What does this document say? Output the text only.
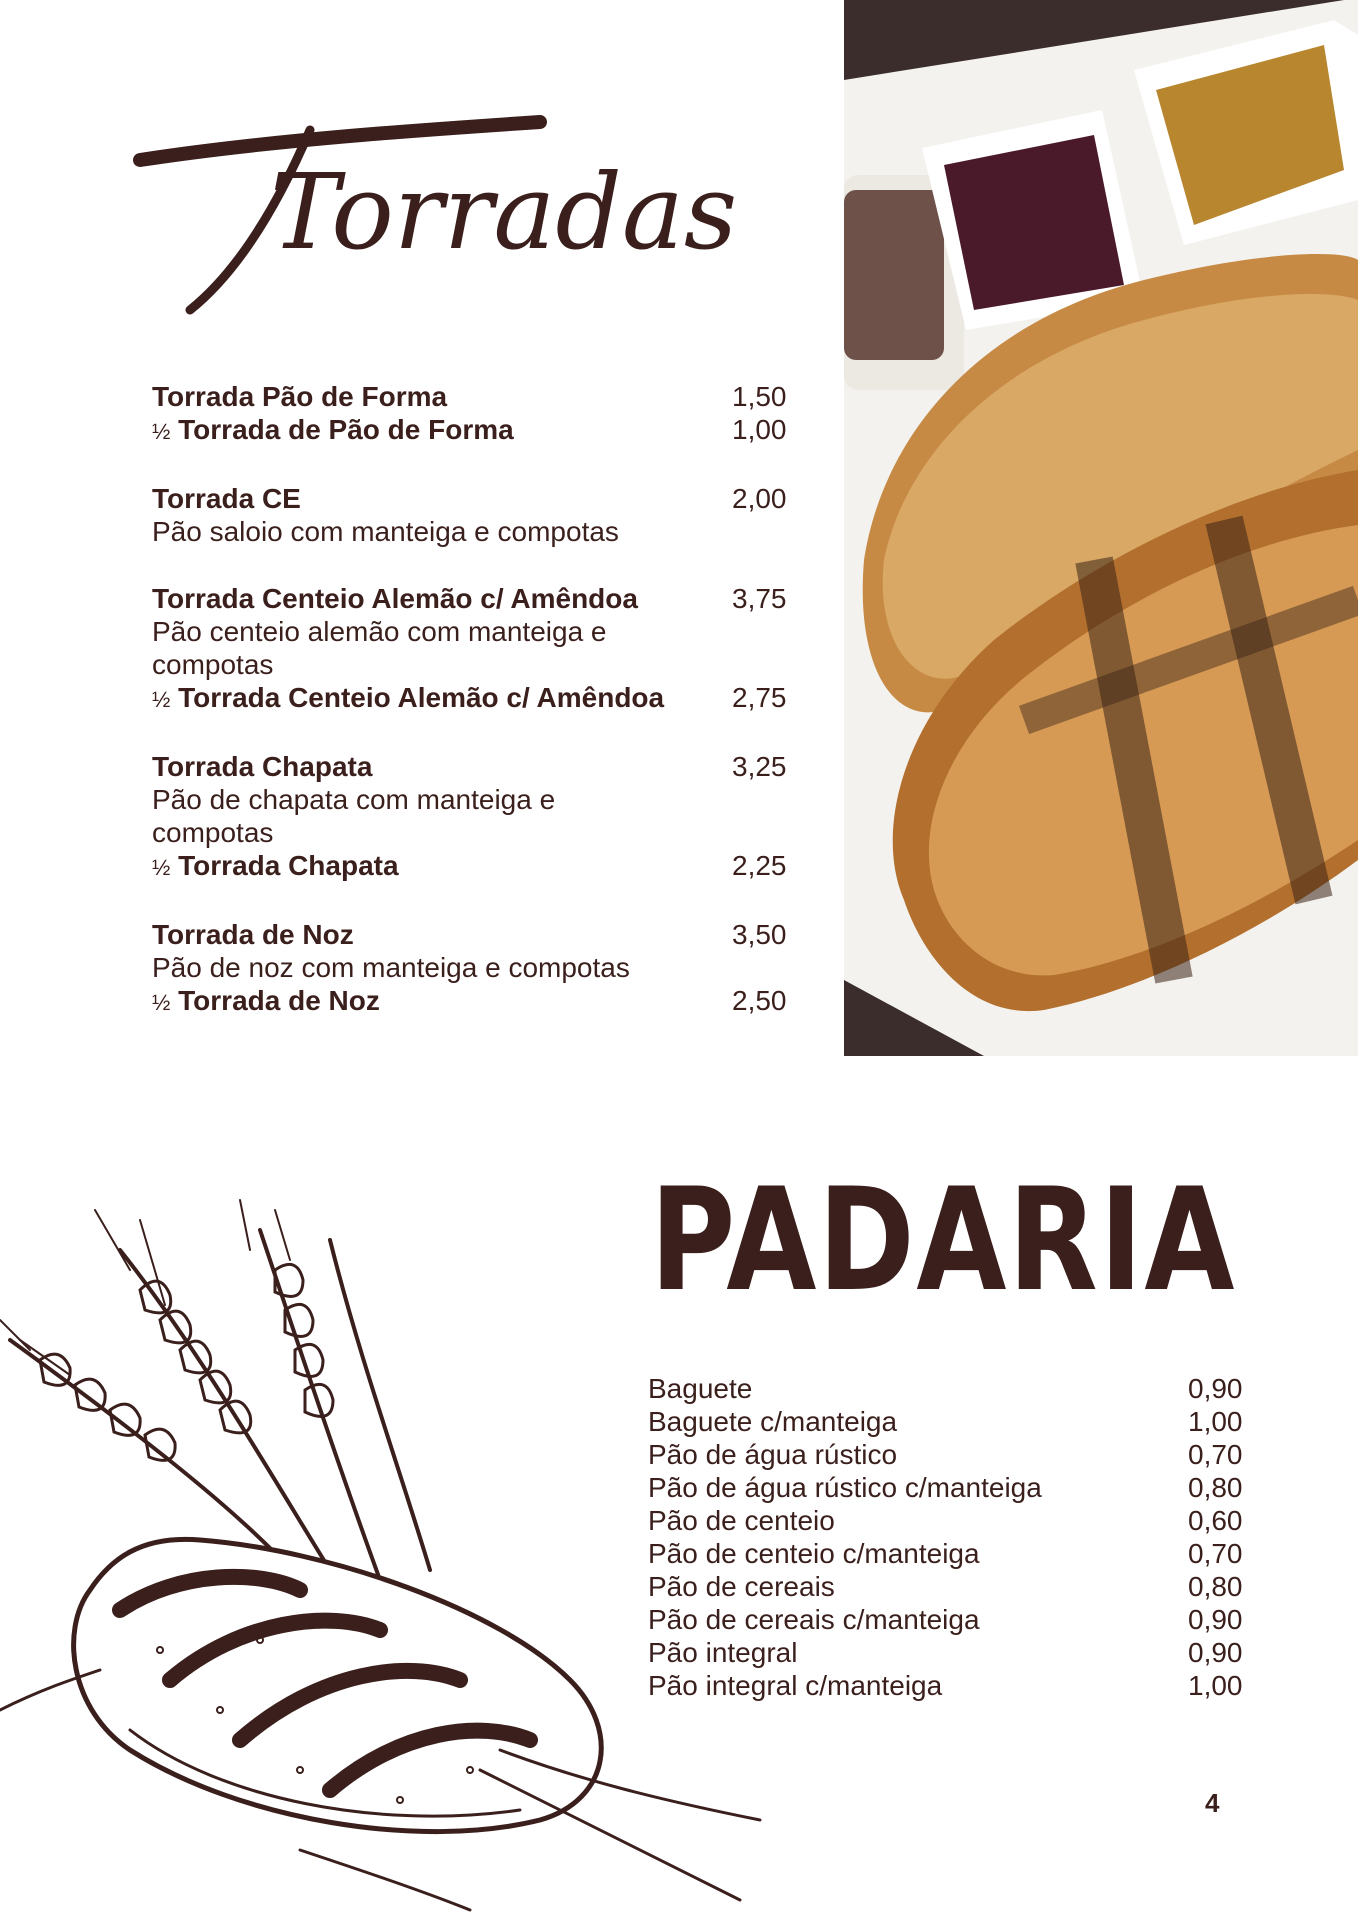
Torradas
Torrada Pão de Forma	1,50
½ Torrada de Pão de Forma	1,00
Torrada CE	2,00
Pão saloio com manteiga e compotas
Torrada Centeio Alemão c/ Amêndoa	3,75
Pão centeio alemão com manteiga e compotas
½ Torrada Centeio Alemão c/ Amêndoa	2,75
Torrada Chapata	3,25
Pão de chapata com manteiga e compotas
½ Torrada Chapata	2,25
Torrada de Noz	3,50
Pão de noz com manteiga e compotas
½ Torrada de Noz	2,50
PADARIA
Baguete	0,90
Baguete c/manteiga	1,00
Pão de água rústico	0,70
Pão de água rústico c/manteiga	0,80
Pão de centeio	0,60
Pão de centeio c/manteiga	0,70
Pão de cereais	0,80
Pão de cereais c/manteiga	0,90
Pão integral	0,90
Pão integral c/manteiga	1,00
4
